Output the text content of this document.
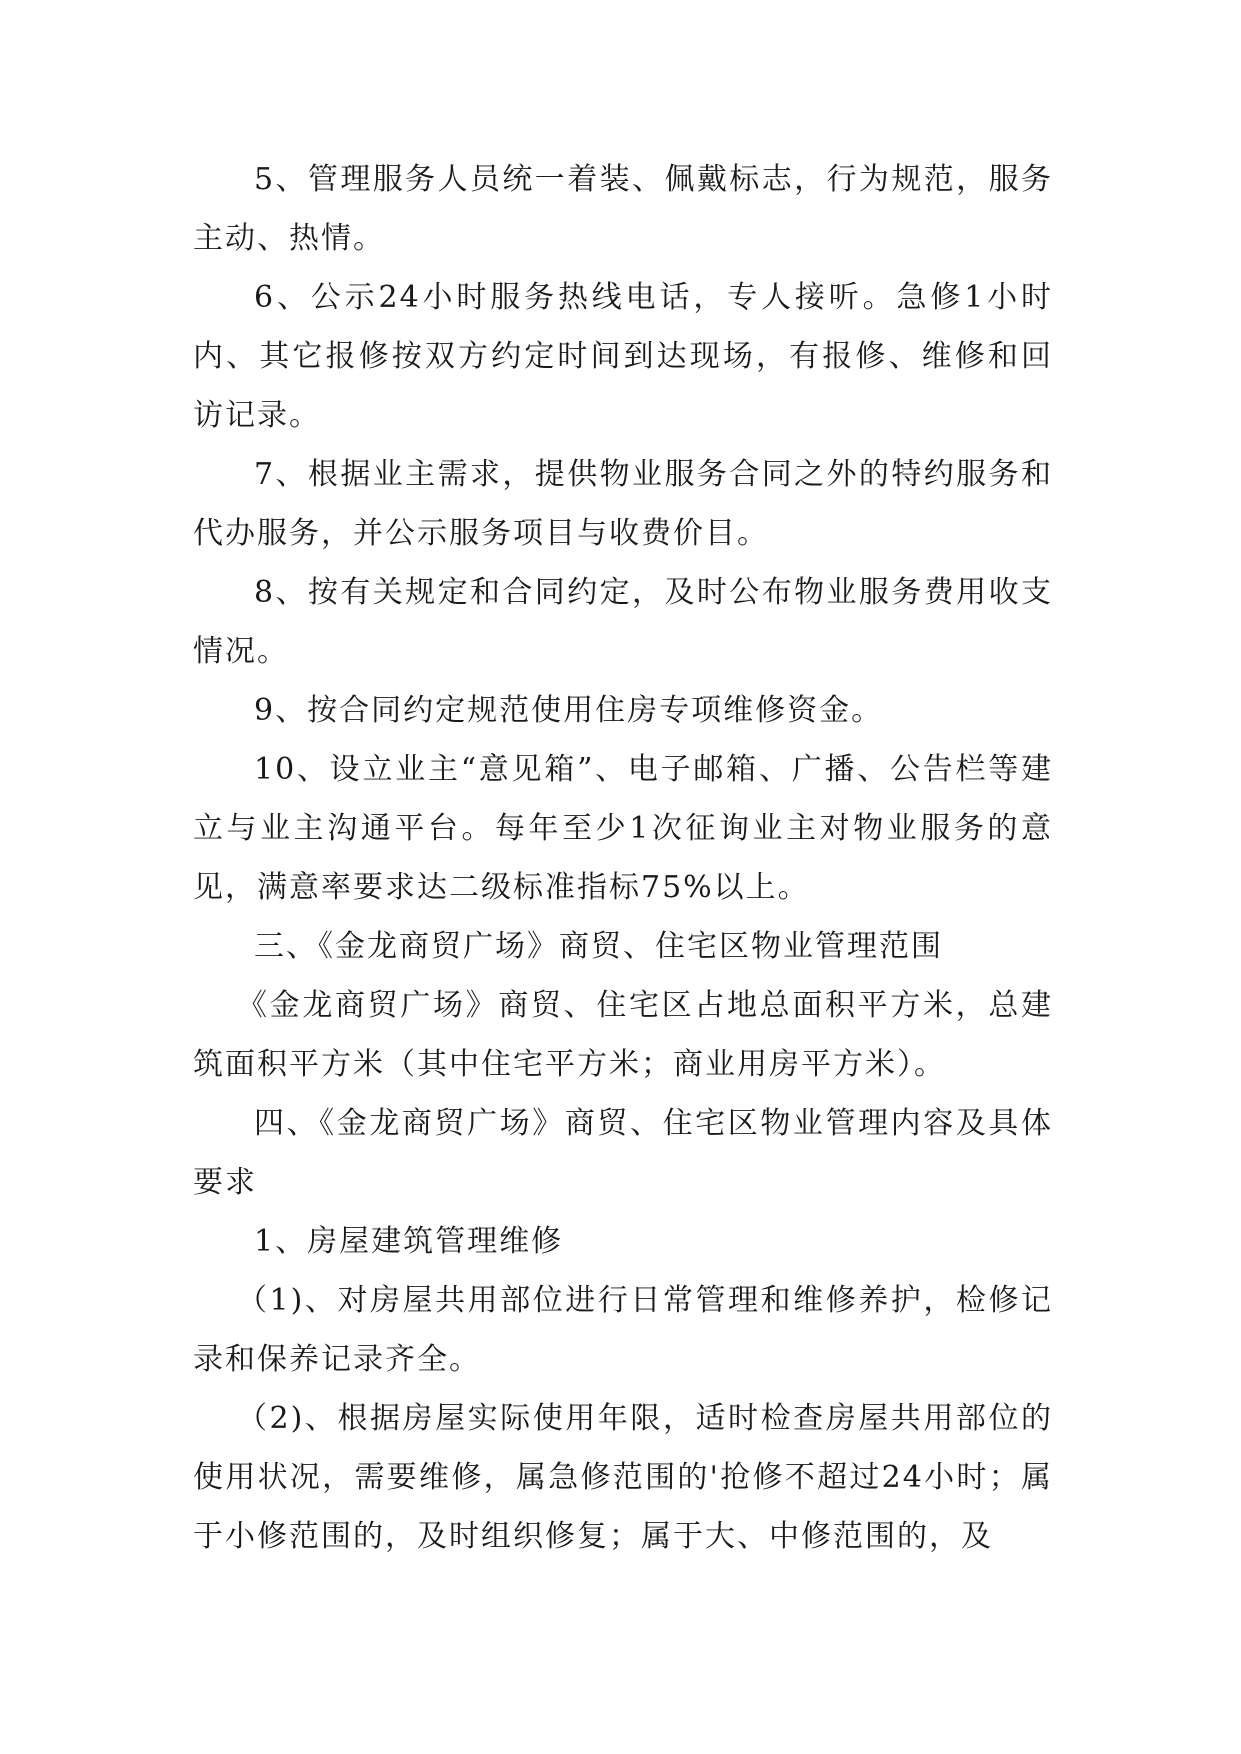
5、管理服务人员统一着装、佩戴标志，行为规范，服务主动、热情。

6、公示24小时服务热线电话，专人接听。急修1小时内、其它报修按双方约定时间到达现场，有报修、维修和回访记录。

7、根据业主需求，提供物业服务合同之外的特约服务和代办服务，并公示服务项目与收费价目。

8、按有关规定和合同约定，及时公布物业服务费用收支情况。

9、按合同约定规范使用住房专项维修资金。

10、设立业主“意见箱”、电子邮箱、广播、公告栏等建立与业主沟通平台。每年至少1次征询业主对物业服务的意见，满意率要求达二级标准指标75%以上。

三、《金龙商贸广场》商贸、住宅区物业管理范围

《金龙商贸广场》商贸、住宅区占地总面积平方米，总建筑面积平方米（其中住宅平方米；商业用房平方米）。

四、《金龙商贸广场》商贸、住宅区物业管理内容及具体要求

1、房屋建筑管理维修

（1)、对房屋共用部位进行日常管理和维修养护，检修记录和保养记录齐全。

（2)、根据房屋实际使用年限，适时检查房屋共用部位的使用状况，需要维修，属急修范围的'抢修不超过24小时；属于小修范围的，及时组织修复；属于大、中修范围的，及
